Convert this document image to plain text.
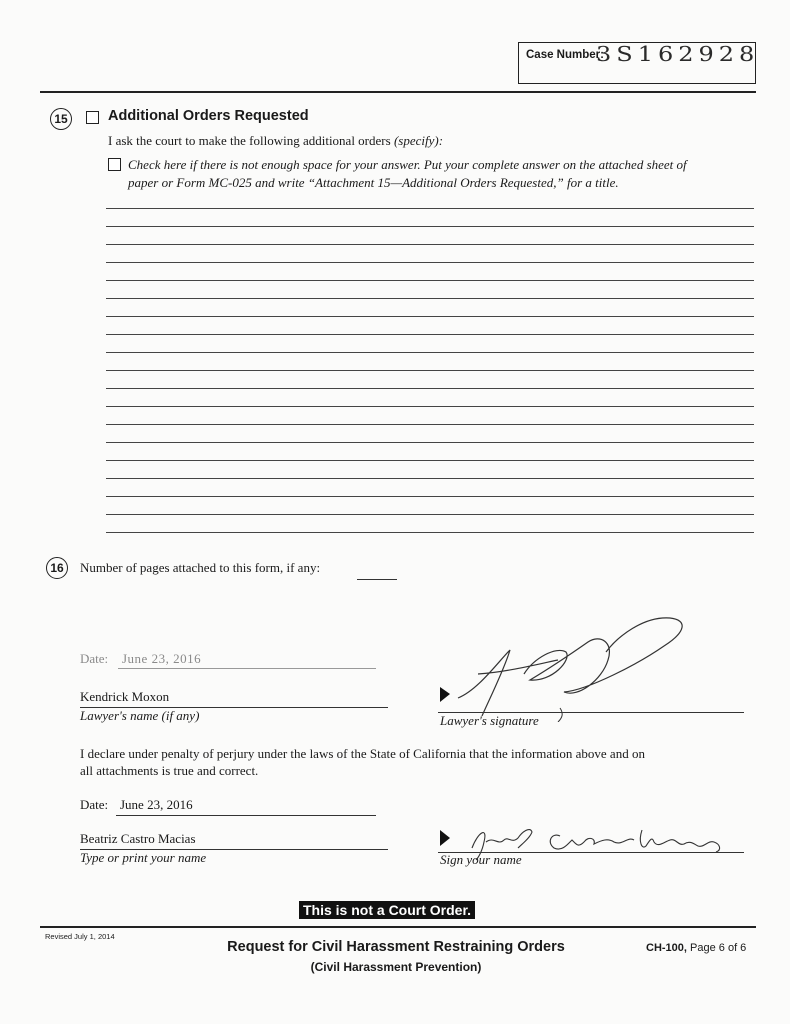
Case Number:
3S162928
15	Additional Orders Requested
I ask the court to make the following additional orders (specify):
Check here if there is not enough space for your answer. Put your complete answer on the attached sheet of
paper or Form MC-025 and write “Attachment 15—Additional Orders Requested,” for a title.
16	Number of pages attached to this form, if any:
Date: June 23, 2016
Kendrick Moxon
Lawyer's name (if any)	Lawyer's signature
I declare under penalty of perjury under the laws of the State of California that the information above and on
all attachments is true and correct.
Date: June 23, 2016
Beatriz Castro Macias
Type or print your name	Sign your name
This is not a Court Order.
Revised July 1, 2014
Request for Civil Harassment Restraining Orders
(Civil Harassment Prevention)
CH-100, Page 6 of 6
